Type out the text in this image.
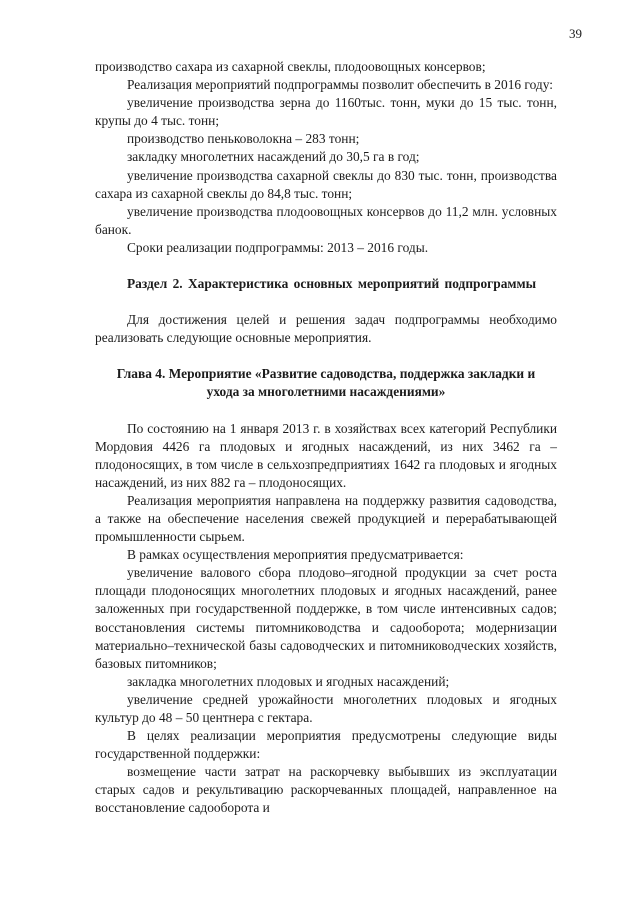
39

производство сахара из сахарной свеклы, плодоовощных консервов;

Реализация мероприятий подпрограммы позволит обеспечить в 2016 году:

увеличение производства зерна до 1160тыс. тонн, муки до 15 тыс. тонн, крупы до 4 тыс. тонн;

производство пеньковолокна – 283 тонн;

закладку многолетних насаждений до 30,5 га в год;

увеличение производства сахарной свеклы до 830 тыс. тонн, производства сахара из сахарной свеклы до 84,8 тыс. тонн;

увеличение производства плодоовощных консервов до 11,2 млн. условных банок.

Сроки реализации подпрограммы: 2013 – 2016 годы.

Раздел 2. Характеристика основных мероприятий подпрограммы

Для достижения целей и решения задач подпрограммы необходимо реализовать следующие основные мероприятия.

Глава 4. Мероприятие «Развитие садоводства, поддержка закладки и ухода за многолетними насаждениями»

По состоянию на 1 января 2013 г. в хозяйствах всех категорий Республики Мордовия 4426 га плодовых и ягодных насаждений, из них 3462 га – плодоносящих, в том числе в сельхозпредприятиях 1642 га плодовых и ягодных насаждений, из них 882 га – плодоносящих.

Реализация мероприятия направлена на поддержку развития садоводства, а также на обеспечение населения свежей продукцией и перерабатывающей промышленности сырьем.

В рамках осуществления мероприятия предусматривается:

увеличение валового сбора плодово–ягодной продукции за счет роста площади плодоносящих многолетних плодовых и ягодных насаждений, ранее заложенных при государственной поддержке, в том числе интенсивных садов; восстановления системы питомниководства и садооборота; модернизации материально–технической базы садоводческих и питомниководческих хозяйств, базовых питомников;

закладка многолетних плодовых и ягодных насаждений;

увеличение средней урожайности многолетних плодовых и ягодных культур до 48 – 50 центнера с гектара.

В целях реализации мероприятия предусмотрены следующие виды государственной поддержки:

возмещение части затрат на раскорчевку выбывших из эксплуатации старых садов и рекультивацию раскорчеванных площадей, направленное на восстановление садооборота и
